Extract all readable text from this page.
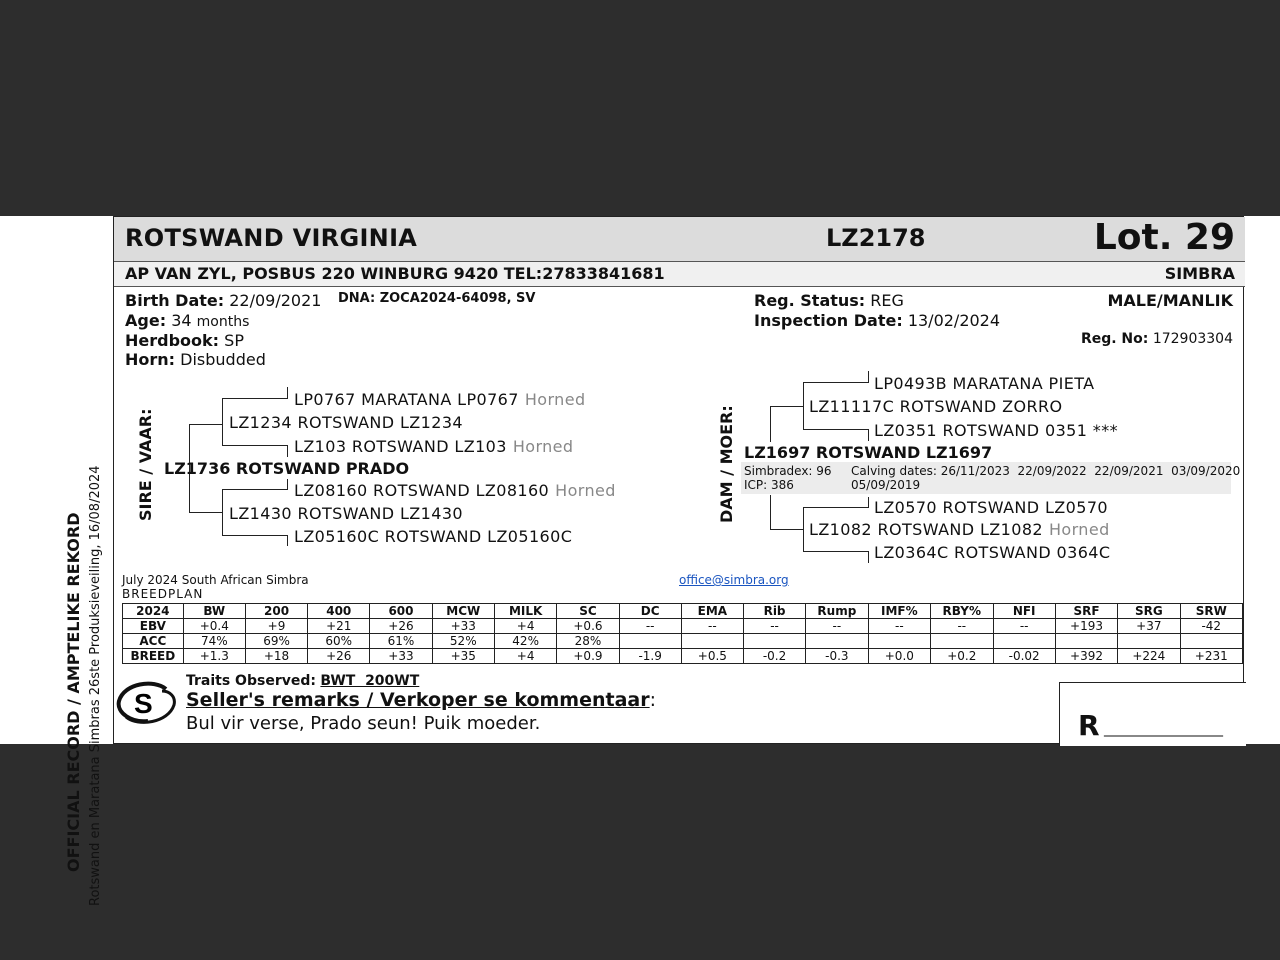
OFFICIAL RECORD / AMPTELIKE REKORD Rotswand en Maratana Simbras 26ste Produksieveiling, 16/08/2024
ROTSWAND VIRGINIA	LZ2178	Lot. 29
AP VAN ZYL, POSBUS 220 WINBURG 9420 TEL:27833841681	SIMBRA
Birth Date: 22/09/2021 DNA: ZOCA2024-64098, SV
Age: 34 months
Herdbook: SP
Horn: Disbudded
Reg. Status: REG	MALE/MANLIK
Inspection Date: 13/02/2024
Reg. No: 172903304
SIRE / VAAR:
LP0767 MARATANA LP0767 Horned
LZ1234 ROTSWAND LZ1234
LZ103 ROTSWAND LZ103 Horned
LZ1736 ROTSWAND PRADO
LZ08160 ROTSWAND LZ08160 Horned
LZ1430 ROTSWAND LZ1430
LZ05160C ROTSWAND LZ05160C
DAM / MOER:
LP0493B MARATANA PIETA
LZ11117C ROTSWAND ZORRO
LZ0351 ROTSWAND 0351 ***
LZ1697 ROTSWAND LZ1697
Simbradex: 96
ICP: 386
Calving dates: 26/11/2023  22/09/2022  22/09/2021  03/09/2020
05/09/2019
LZ0570 ROTSWAND LZ0570
LZ1082 ROTSWAND LZ1082 Horned
LZ0364C ROTSWAND 0364C
July 2024 South African Simbra
BREEDPLAN
office@simbra.org
2024	BW	200	400	600	MCW	MILK	SC	DC	EMA	Rib	Rump	IMF%	RBY%	NFI	SRF	SRG	SRW
EBV	+0.4	+9	+21	+26	+33	+4	+0.6	--	--	--	--	--	--	--	+193	+37	-42
ACC	74%	69%	60%	61%	52%	42%	28%										
BREED	+1.3	+18	+26	+33	+35	+4	+0.9	-1.9	+0.5	-0.2	-0.3	+0.0	+0.2	-0.02	+392	+224	+231
S
Traits Observed: BWT  200WT
Seller's remarks / Verkoper se kommentaar:
Bul vir verse, Prado seun! Puik moeder.	R _________________
